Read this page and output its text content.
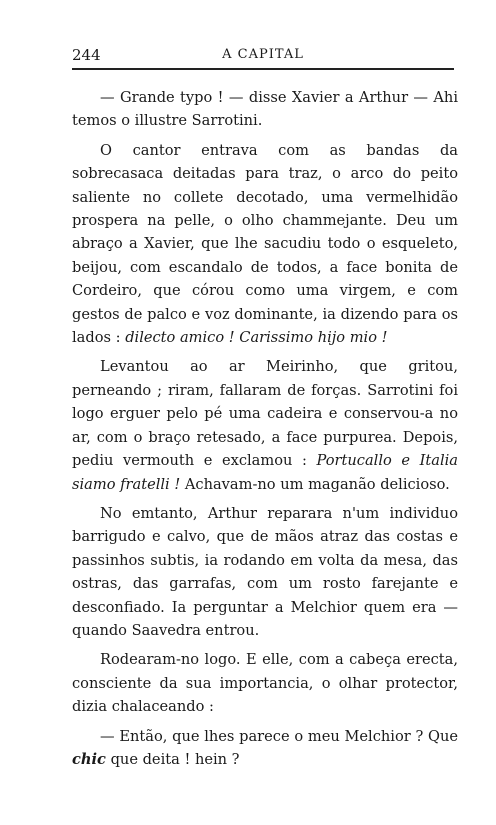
244	A CAPITAL

— Grande typo ! — disse Xavier a Arthur — Ahi temos o illustre Sarrotini.

O cantor entrava com as bandas da sobrecasaca deitadas para traz, o arco do peito saliente no collete decotado, uma vermelhidão prospera na pelle, o olho chammejante. Deu um abraço a Xavier, que lhe sacudiu todo o esqueleto, beijou, com escandalo de todos, a face bonita de Cordeiro, que córou como uma virgem, e com gestos de palco e voz dominante, ia dizendo para os lados : dilecto amico ! Carissimo hijo mio !

Levantou ao ar Meirinho, que gritou, perneando ; riram, fallaram de forças. Sarrotini foi logo erguer pelo pé uma cadeira e conservou-a no ar, com o braço retesado, a face purpurea. Depois, pediu vermouth e exclamou : Portucallo e Italia siamo fratelli ! Achavam-no um maganão delicioso.

No emtanto, Arthur reparara n'um individuo barrigudo e calvo, que de mãos atraz das costas e passinhos subtis, ia rodando em volta da mesa, das ostras, das garrafas, com um rosto farejante e desconfiado. Ia perguntar a Melchior quem era — quando Saavedra entrou.

Rodearam-no logo. E elle, com a cabeça erecta, consciente da sua importancia, o olhar protector, dizia chalaceando :

— Então, que lhes parece o meu Melchior ? Que chic que deita ! hein ?
